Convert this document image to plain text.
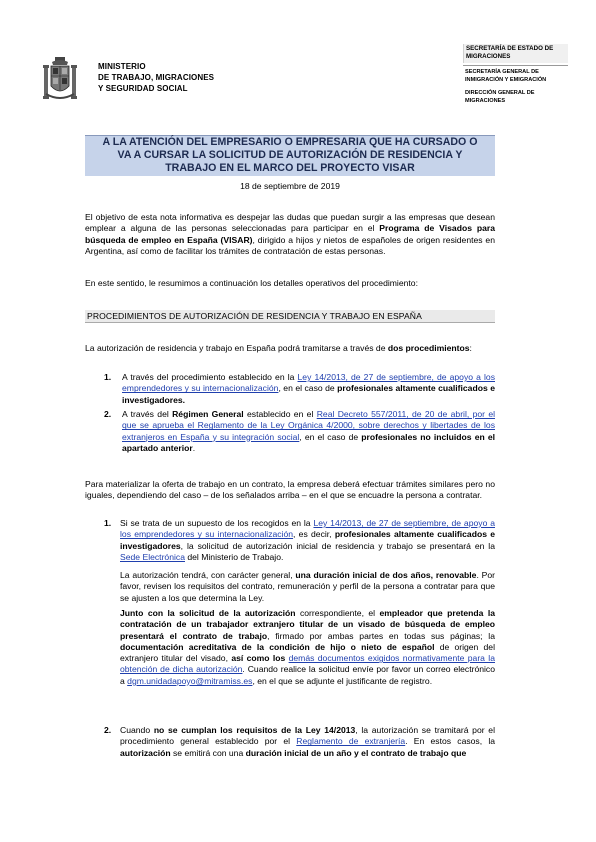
MINISTERIO
DE TRABAJO, MIGRACIONES
Y SEGURIDAD SOCIAL
SECRETARÍA DE ESTADO DE
MIGRACIONES
SECRETARÍA GENERAL DE
INMIGRACIÓN Y EMIGRACIÓN
DIRECCIÓN GENERAL DE
MIGRACIONES
A LA ATENCIÓN DEL EMPRESARIO O EMPRESARIA QUE HA CURSADO O
VA A CURSAR LA SOLICITUD DE AUTORIZACIÓN DE RESIDENCIA Y
TRABAJO EN EL MARCO DEL PROYECTO VISAR
18 de septiembre de 2019
El objetivo de esta nota informativa es despejar las dudas que puedan surgir a las empresas que desean emplear a alguna de las personas seleccionadas para participar en el Programa de Visados para búsqueda de empleo en España (VISAR), dirigido a hijos y nietos de españoles de origen residentes en Argentina, así como de facilitar los trámites de contratación de estas personas.
En este sentido, le resumimos a continuación los detalles operativos del procedimiento:
PROCEDIMIENTOS DE AUTORIZACIÓN DE RESIDENCIA Y TRABAJO EN ESPAÑA
La autorización de residencia y trabajo en España podrá tramitarse a través de dos procedimientos:
1. A través del procedimiento establecido en la Ley 14/2013, de 27 de septiembre, de apoyo a los emprendedores y su internacionalización, en el caso de profesionales altamente cualificados e investigadores.
2. A través del Régimen General establecido en el Real Decreto 557/2011, de 20 de abril, por el que se aprueba el Reglamento de la Ley Orgánica 4/2000, sobre derechos y libertades de los extranjeros en España y su integración social, en el caso de profesionales no incluidos en el apartado anterior.
Para materializar la oferta de trabajo en un contrato, la empresa deberá efectuar trámites similares pero no iguales, dependiendo del caso – de los señalados arriba – en el que se encuadre la persona a contratar.
1. Si se trata de un supuesto de los recogidos en la Ley 14/2013, de 27 de septiembre, de apoyo a los emprendedores y su internacionalización, es decir, profesionales altamente cualificados e investigadores, la solicitud de autorización inicial de residencia y trabajo se presentará en la Sede Electrónica del Ministerio de Trabajo.
La autorización tendrá, con carácter general, una duración inicial de dos años, renovable. Por favor, revisen los requisitos del contrato, remuneración y perfil de la persona a contratar para que se ajusten a los que determina la Ley.
Junto con la solicitud de la autorización correspondiente, el empleador que pretenda la contratación de un trabajador extranjero titular de un visado de búsqueda de empleo presentará el contrato de trabajo, firmado por ambas partes en todas sus páginas; la documentación acreditativa de la condición de hijo o nieto de español de origen del extranjero titular del visado, así como los demás documentos exigidos normativamente para la obtención de dicha autorización. Cuando realice la solicitud envíe por favor un correo electrónico a dgm.unidadapoyo@mitramiss.es, en el que se adjunte el justificante de registro.
2. Cuando no se cumplan los requisitos de la Ley 14/2013, la autorización se tramitará por el procedimiento general establecido por el Reglamento de extranjería. En estos casos, la autorización se emitirá con una duración inicial de un año y el contrato de trabajo que
